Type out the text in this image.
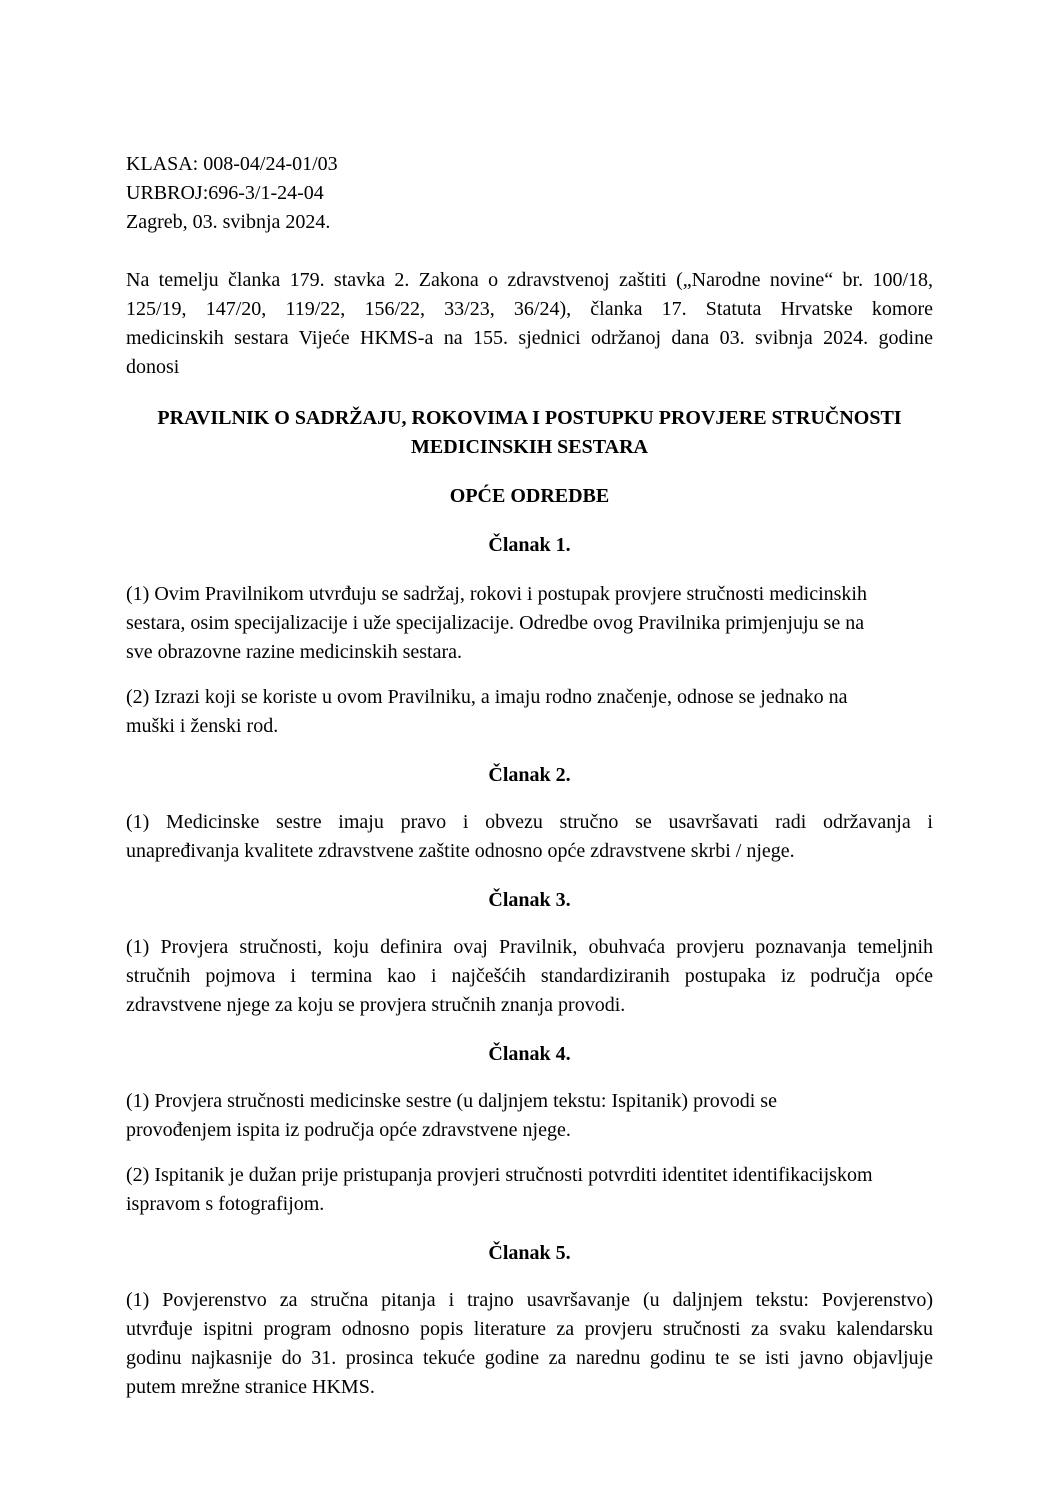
KLASA: 008-04/24-01/03

URBROJ:696-3/1-24-04

Zagreb, 03. svibnja 2024.

Na temelju članka 179. stavka 2. Zakona o zdravstvenoj zaštiti („Narodne novine“ br. 100/18,
125/19, 147/20, 119/22, 156/22, 33/23, 36/24), članka 17. Statuta Hrvatske komore
medicinskih sestara Vijeće HKMS-a na 155. sjednici održanoj dana 03. svibnja 2024. godine
donosi

PRAVILNIK O SADRŽAJU, ROKOVIMA I POSTUPKU PROVJERE STRUČNOSTI

MEDICINSKIH SESTARA

OPĆE ODREDBE

Članak 1.

(1) Ovim Pravilnikom utvrđuju se sadržaj, rokovi i postupak provjere stručnosti medicinskih
sestara, osim specijalizacije i uže specijalizacije. Odredbe ovog Pravilnika primjenjuju se na
sve obrazovne razine medicinskih sestara.
(2) Izrazi koji se koriste u ovom Pravilniku, a imaju rodno značenje, odnose se jednako na
muški i ženski rod.

Članak 2.

(1) Medicinske sestre imaju pravo i obvezu stručno se usavršavati radi održavanja i
unapređivanja kvalitete zdravstvene zaštite odnosno opće zdravstvene skrbi / njege.

Članak 3.

(1) Provjera stručnosti, koju definira ovaj Pravilnik, obuhvaća provjeru poznavanja temeljnih
stručnih pojmova i termina kao i najčešćih standardiziranih postupaka iz područja opće
zdravstvene njege za koju se provjera stručnih znanja provodi.

Članak 4.

(1) Provjera stručnosti medicinske sestre (u daljnjem tekstu: Ispitanik) provodi se
provođenjem ispita iz područja opće zdravstvene njege.
(2) Ispitanik je dužan prije pristupanja provjeri stručnosti potvrditi identitet identifikacijskom
ispravom s fotografijom.

Članak 5.

(1) Povjerenstvo za stručna pitanja i trajno usavršavanje (u daljnjem tekstu: Povjerenstvo)
utvrđuje ispitni program odnosno popis literature za provjeru stručnosti za svaku kalendarsku
godinu najkasnije do 31. prosinca tekuće godine za narednu godinu te se isti javno objavljuje
putem mrežne stranice HKMS.
